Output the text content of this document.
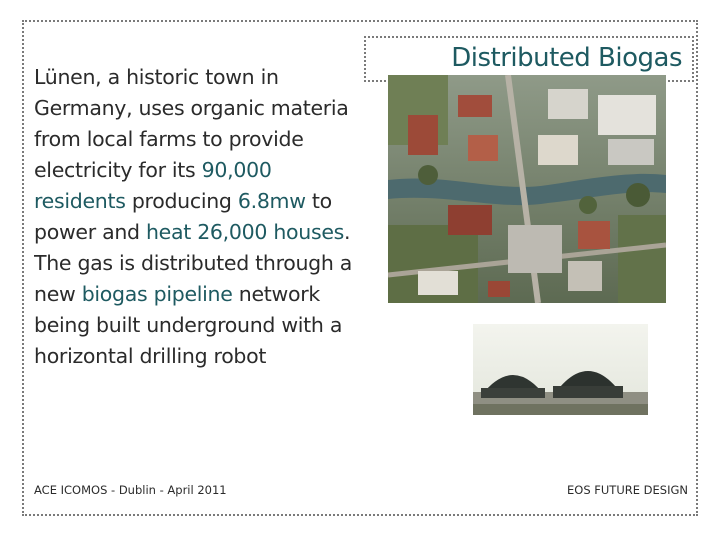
Distributed Biogas
Lünen, a historic town in
Germany, uses organic materia
from local farms to provide
electricity for its 90,000
residents producing 6.8mw to
power and heat 26,000 houses.
The gas is distributed through a
new biogas pipeline network
being built underground with a
horizontal drilling robot
ACE ICOMOS - Dublin - April 2011	EOS FUTURE DESIGN
